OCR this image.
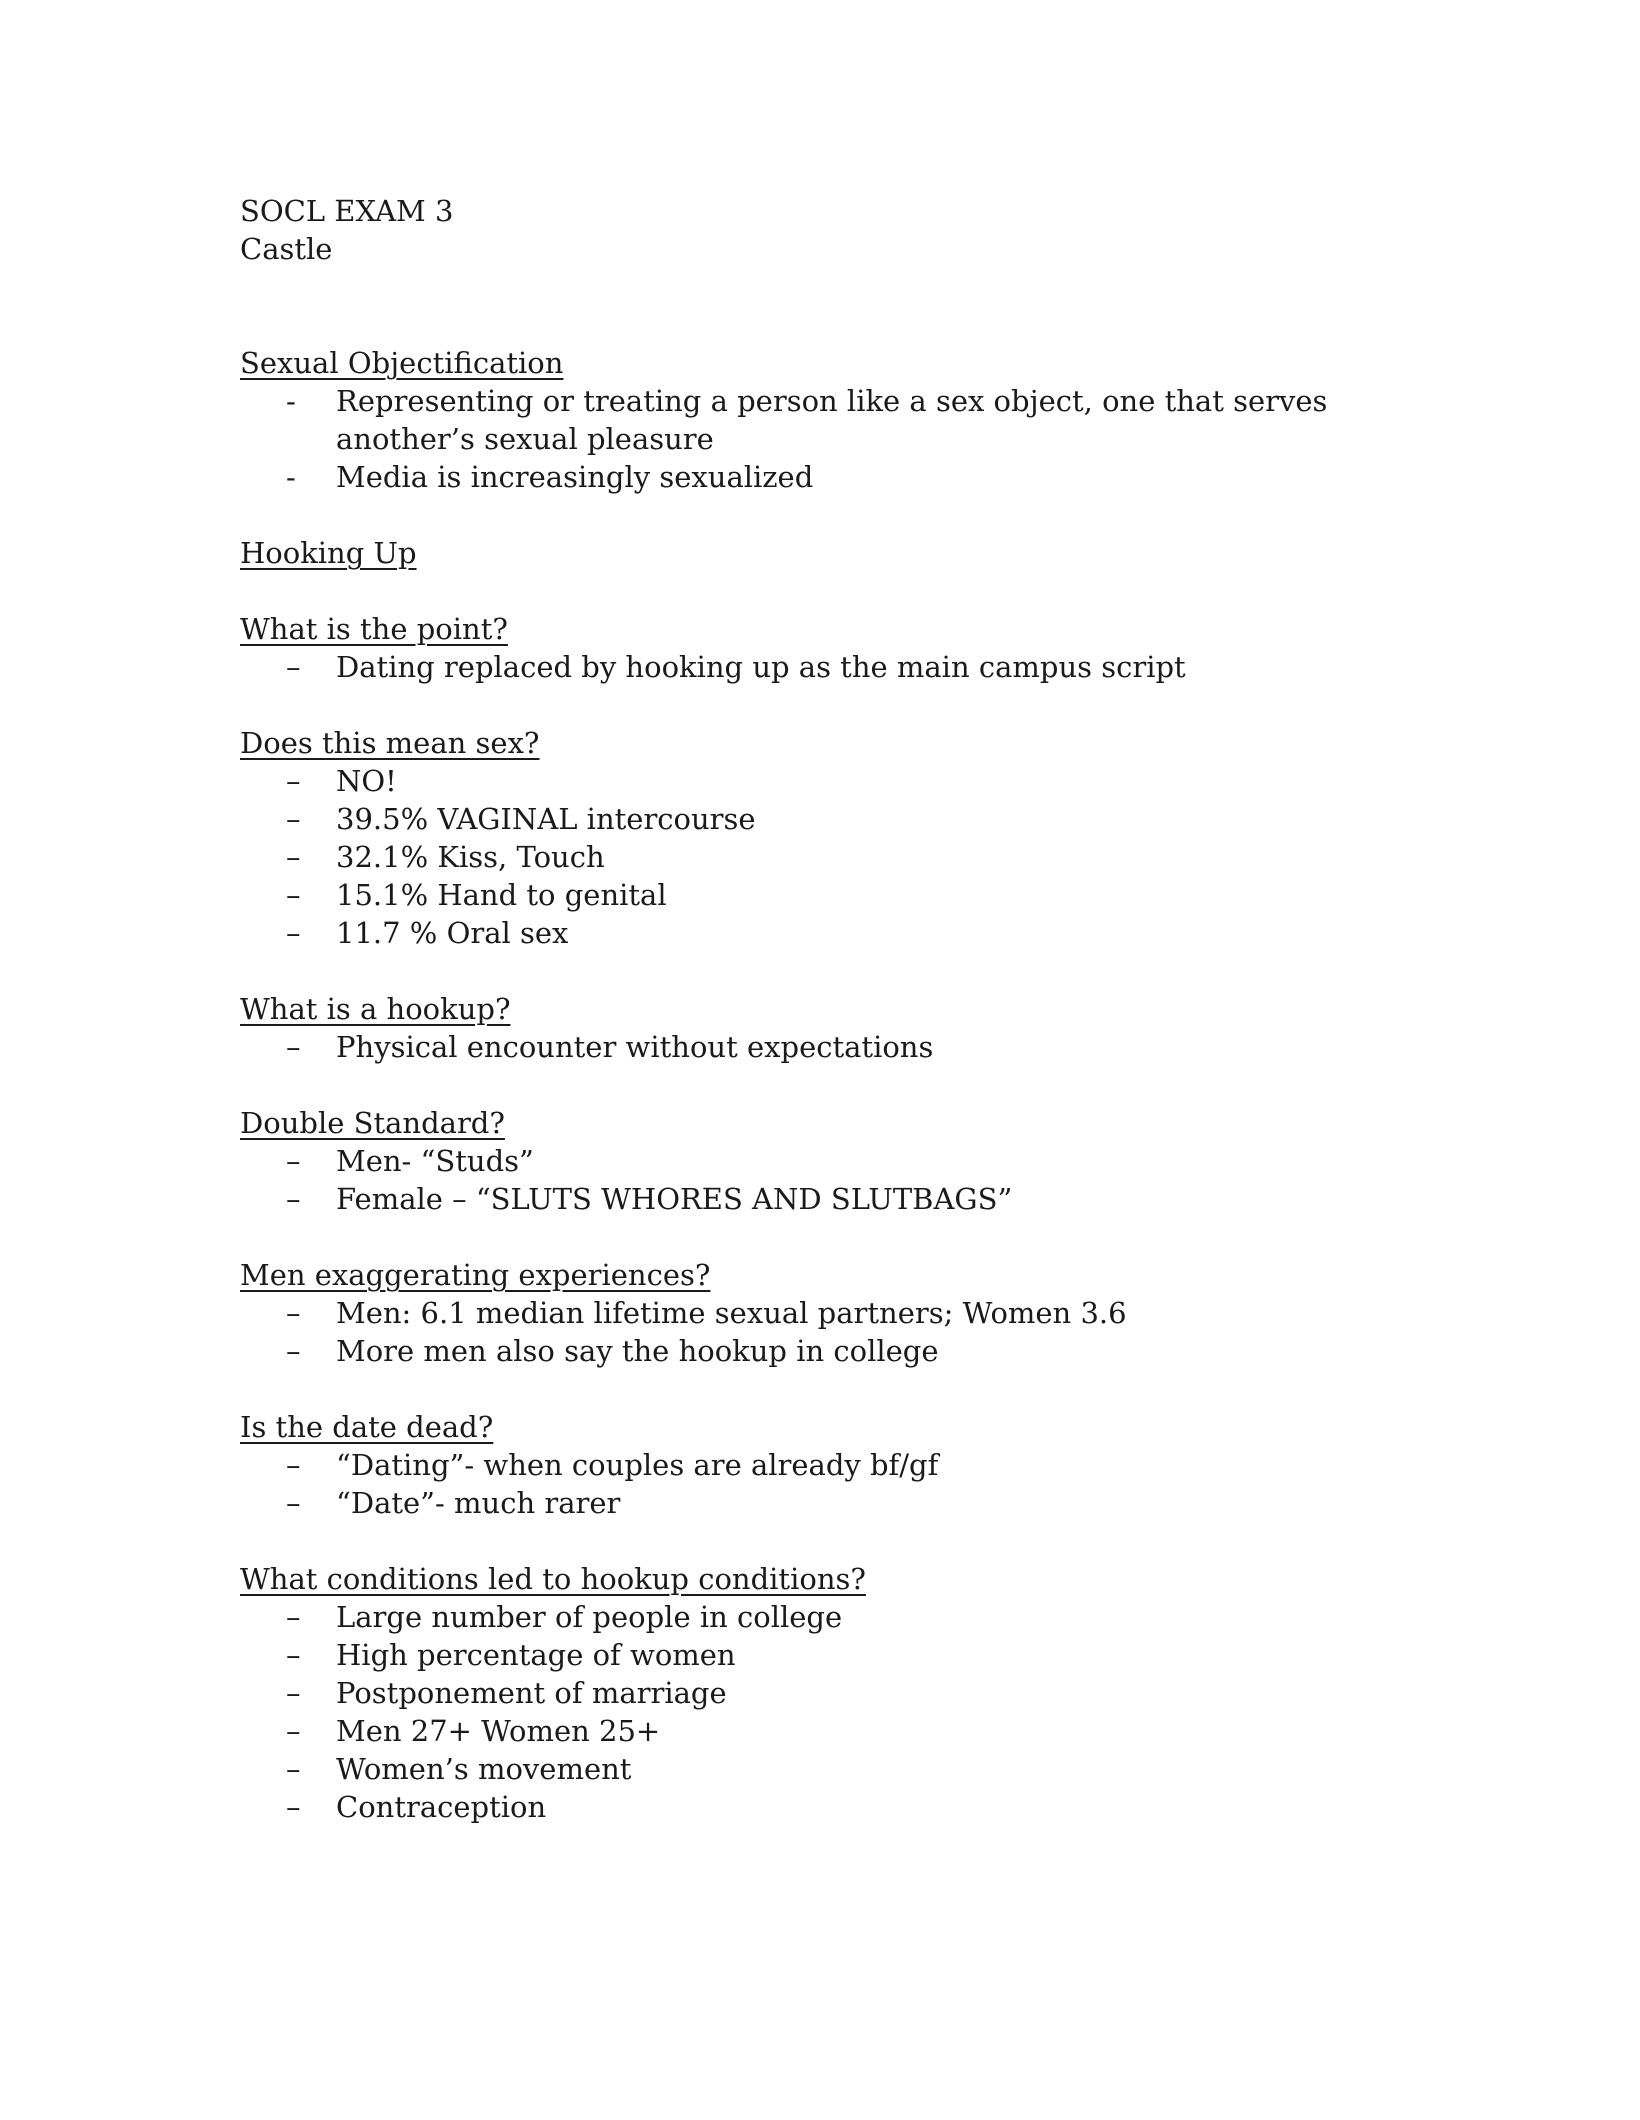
SOCL EXAM 3

Castle

Sexual Objectification

- Representing or treating a person like a sex object, one that serves another’s sexual pleasure
- Media is increasingly sexualized

Hooking Up

What is the point?

– Dating replaced by hooking up as the main campus script

Does this mean sex?

– NO!
– 39.5% VAGINAL intercourse
– 32.1% Kiss, Touch
– 15.1% Hand to genital
– 11.7 % Oral sex

What is a hookup?

– Physical encounter without expectations

Double Standard?

– Men- “Studs”
– Female – “SLUTS WHORES AND SLUTBAGS”

Men exaggerating experiences?

– Men: 6.1 median lifetime sexual partners; Women 3.6
– More men also say the hookup in college

Is the date dead?

– “Dating”- when couples are already bf/gf
– “Date”- much rarer

What conditions led to hookup conditions?

– Large number of people in college
– High percentage of women
– Postponement of marriage
– Men 27+ Women 25+
– Women’s movement
– Contraception
